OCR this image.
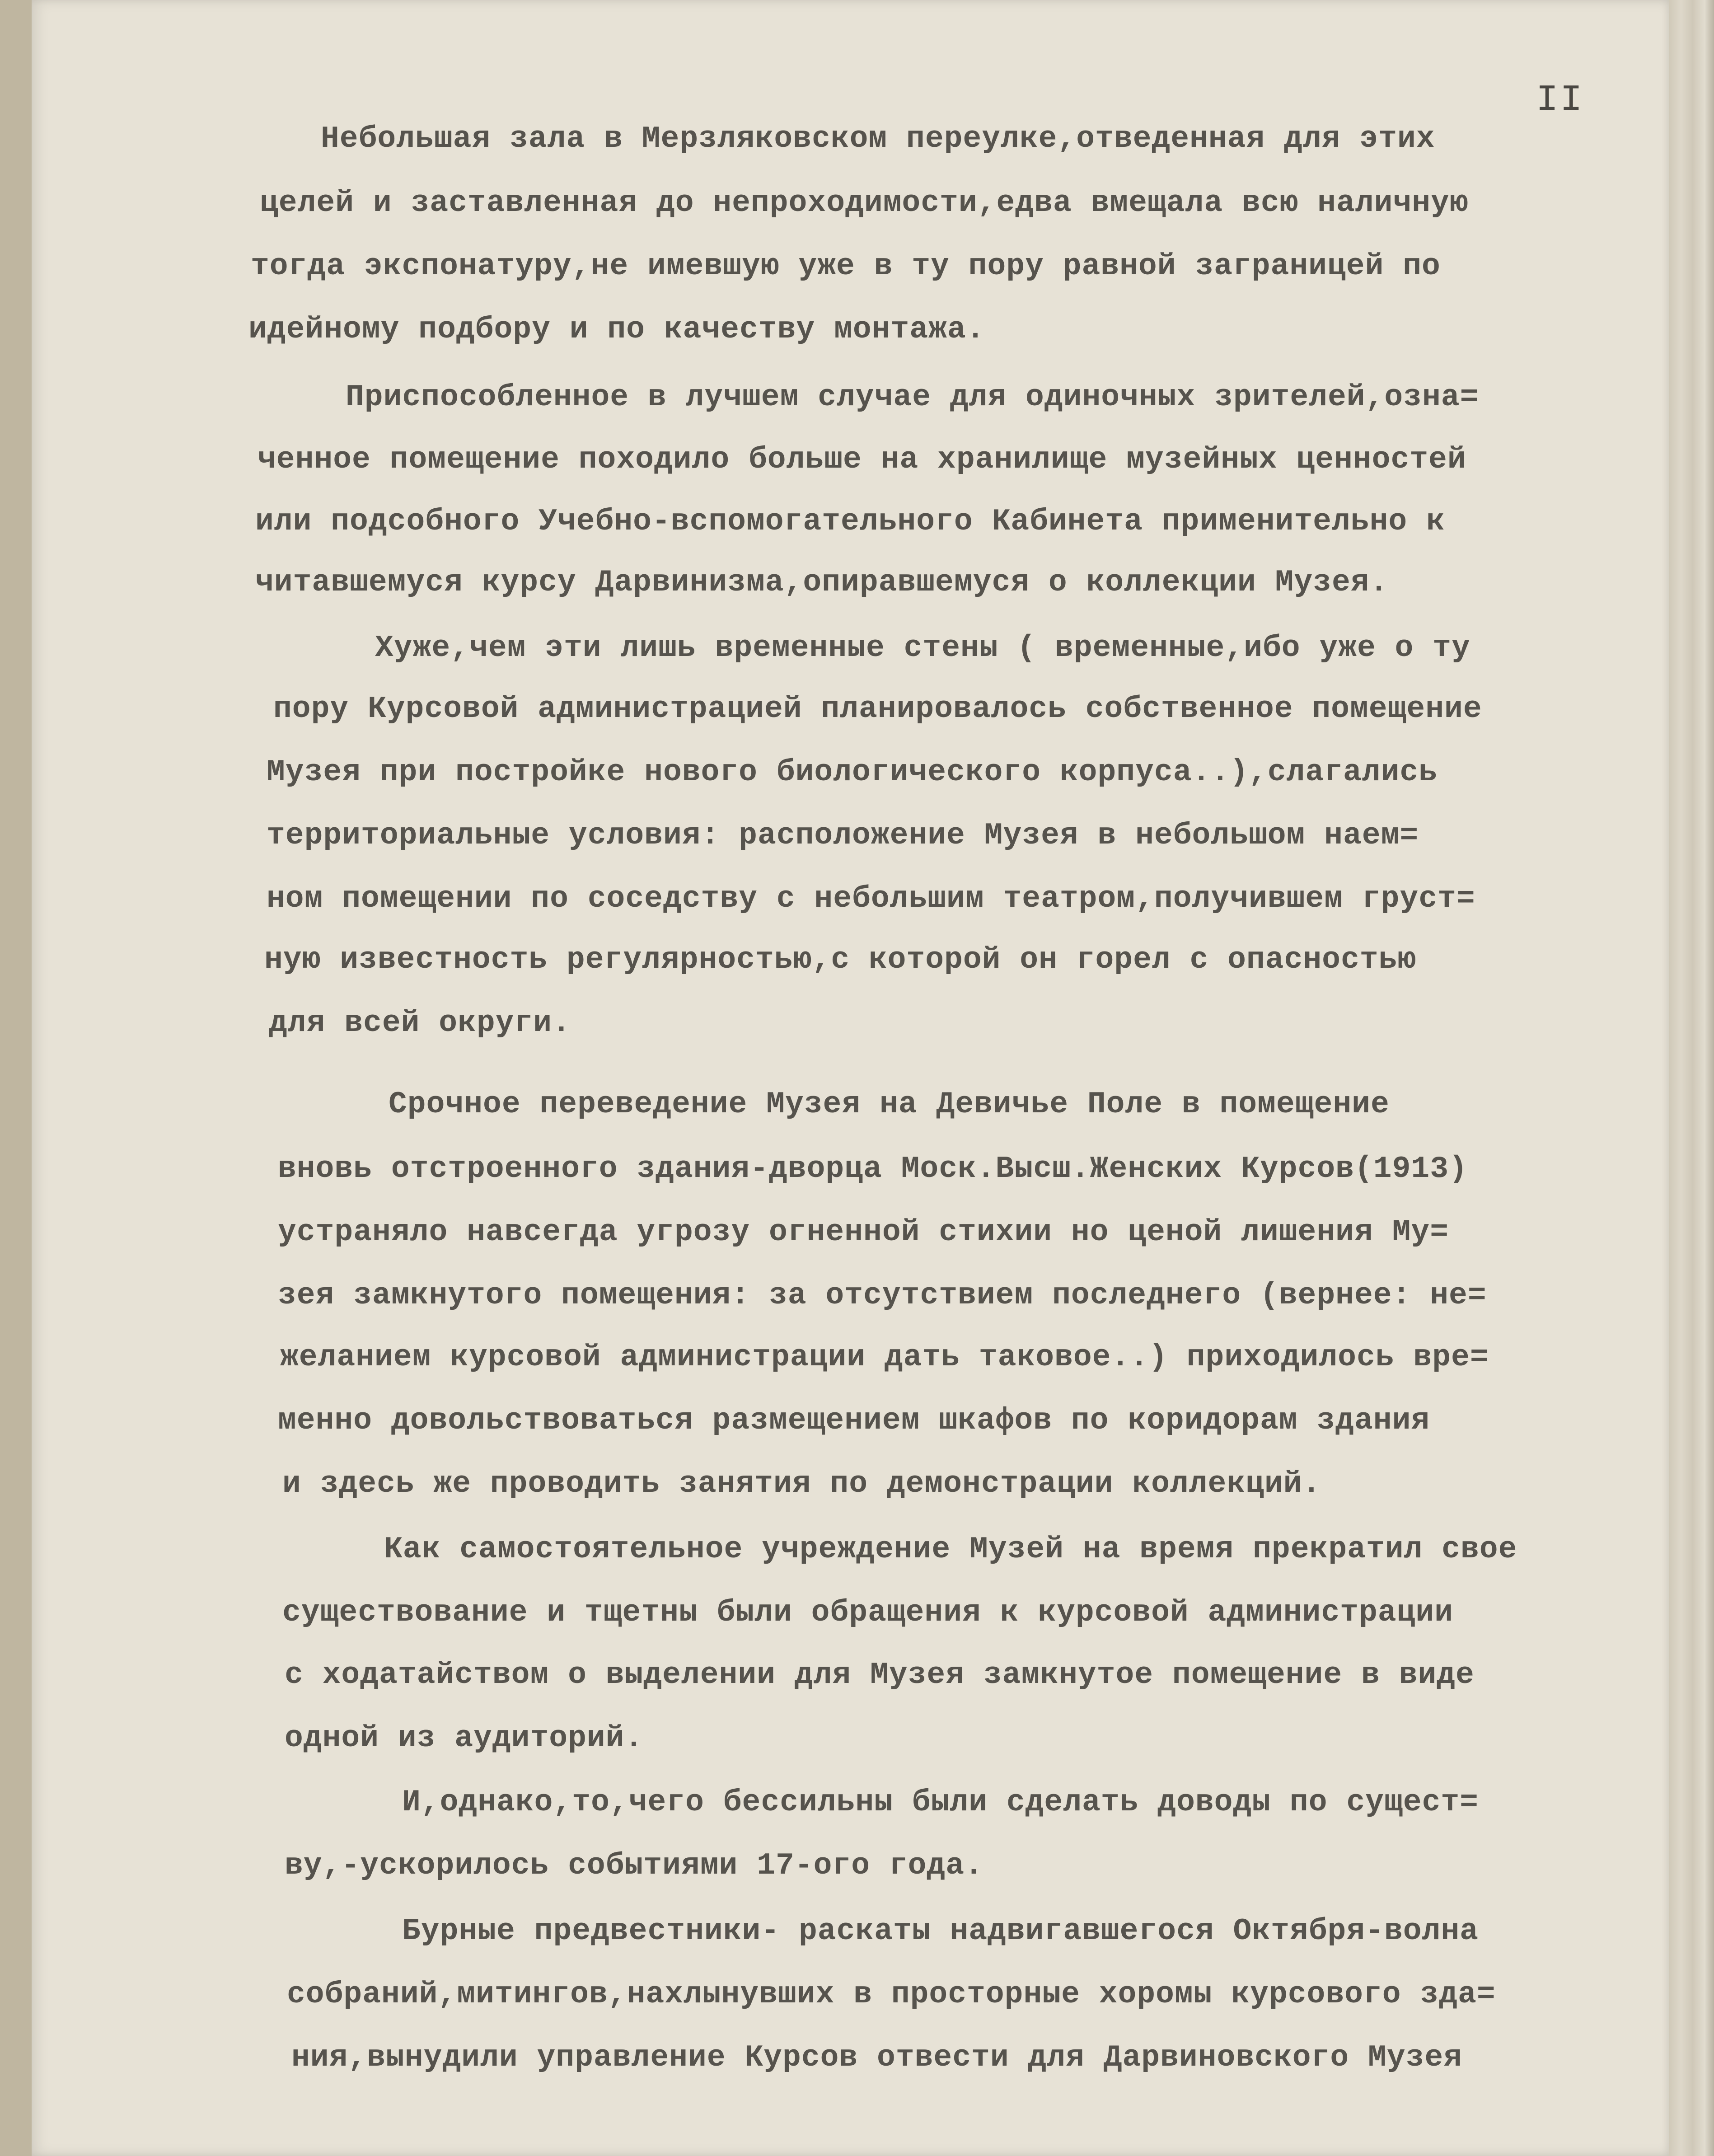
II

Небольшая зала в Мерзляковском переулке,отведенная для этих

целей и заставленная до непроходимости,едва вмещала всю наличную

тогда экспонатуру,не имевшую уже в ту пору равной заграницей по

идейному подбору и по качеству монтажа.

Приспособленное в лучшем случае для одиночных зрителей,озна=

ченное помещение походило больше на хранилище музейных ценностей

или подсобного Учебно-вспомогательного Кабинета применительно к

читавшемуся курсу Дарвинизма,опиравшемуся о коллекции Музея.

Хуже,чем эти лишь временные стены ( временные,ибо уже о ту

пору Курсовой администрацией планировалось собственное помещение

Музея при постройке нового биологического корпуса..),слагались

территориальные условия: расположение Музея в небольшом наем=

ном помещении по соседству с небольшим театром,получившем груст=

ную известность регулярностью,с которой он горел с опасностью

для всей округи.

Срочное переведение Музея на Девичье Поле в помещение

вновь отстроенного здания-дворца Моск.Высш.Женских Курсов(1913)

устраняло навсегда угрозу огненной стихии но ценой лишения Му=

зея замкнутого помещения: за отсутствием последнего (вернее: не=

желанием курсовой администрации дать таковое..) приходилось вре=

менно довольствоваться размещением шкафов по коридорам здания

и здесь же проводить занятия по демонстрации коллекций.

Как самостоятельное учреждение Музей на время прекратил свое

существование и тщетны были обращения к курсовой администрации

с ходатайством о выделении для Музея замкнутое помещение в виде

одной из аудиторий.

И,однако,то,чего бессильны были сделать доводы по сущест=

ву,-ускорилось событиями 17-ого года.

Бурные предвестники- раскаты надвигавшегося Октября-волна

собраний,митингов,нахлынувших в просторные хоромы курсового зда=

ния,вынудили управление Курсов отвести для Дарвиновского Музея
